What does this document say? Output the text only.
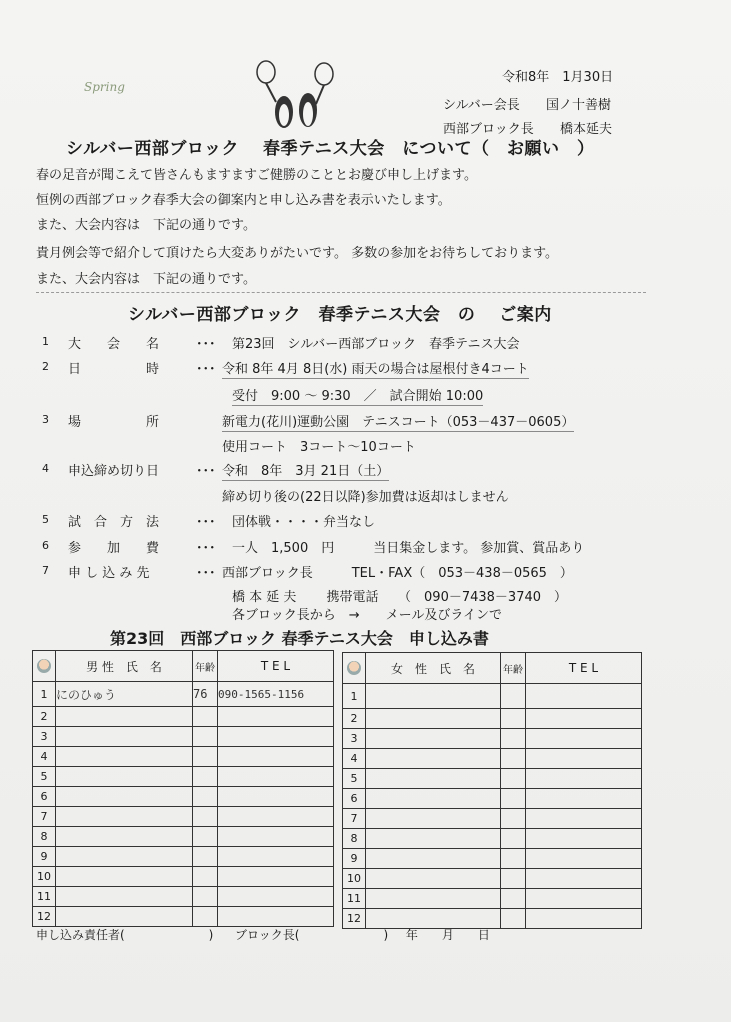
Spring
令和8年　1月30日
シルバー会長 国ノ十善樹
西部ブロック長 橋本延夫
シルバー西部ブロック　 春季テニス大会　について（　お願い　）
春の足音が聞こえて皆さんもますますご健勝のこととお慶び申し上げます。
恒例の西部ブロック春季大会の御案内と申し込み書を表示いたします。
また、大会内容は　下記の通りです。
貴月例会等で紹介して頂けたら大変ありがたいです。 多数の参加をお待ちしております。
また、大会内容は　下記の通りです。
シルバー西部ブロック　春季テニス大会　の　 ご案内
1 大　　会　　名	･･･ 第23回　シルバー西部ブロック　春季テニス大会
2 日　　　　　時	･･･ 令和 8年 4月 8日(水) 雨天の場合は屋根付き4コート
受付　9:00 ～ 9:30　／　試合開始 10:00
3 場　　　　　所	新電力(花川)運動公園　テニスコート（053－437－0605）
使用コート　3コート～10コート
4 申込締め切り日	･･･ 令和　8年　3月 21日（土）
締め切り後の(22日以降)参加費は返却はしません
5 試　合　方　法	･･･ 団体戦・・・・弁当なし
6 参　　加　　費	･･･ 一人　1,500　円　　　当日集金します。 参加賞、賞品あり
7 申 し 込 み 先	･･･ 西部ブロック長　　　TEL・FAX（　053－438－0565　）
橋 本 延 夫　　 携帯電話　　（　090－7438－3740　）
各ブロック長から　→　　メール及びラインで
第23回　西部ブロック 春季テニス大会　申し込み書
	男 性　氏　名	年齢	T E L
1	にのひゅう	76	090-1565-1156
2			
3			
4			
5			
6			
7			
8			
9			
10			
11			
12			
	女　性　氏　名	年齢	T E L
1			
2			
3			
4			
5			
6			
7			
8			
9			
10			
11			
12			
申し込み責任者(　　　　　　　) ブロック長(　　　　　　　) 年　　月　　日
